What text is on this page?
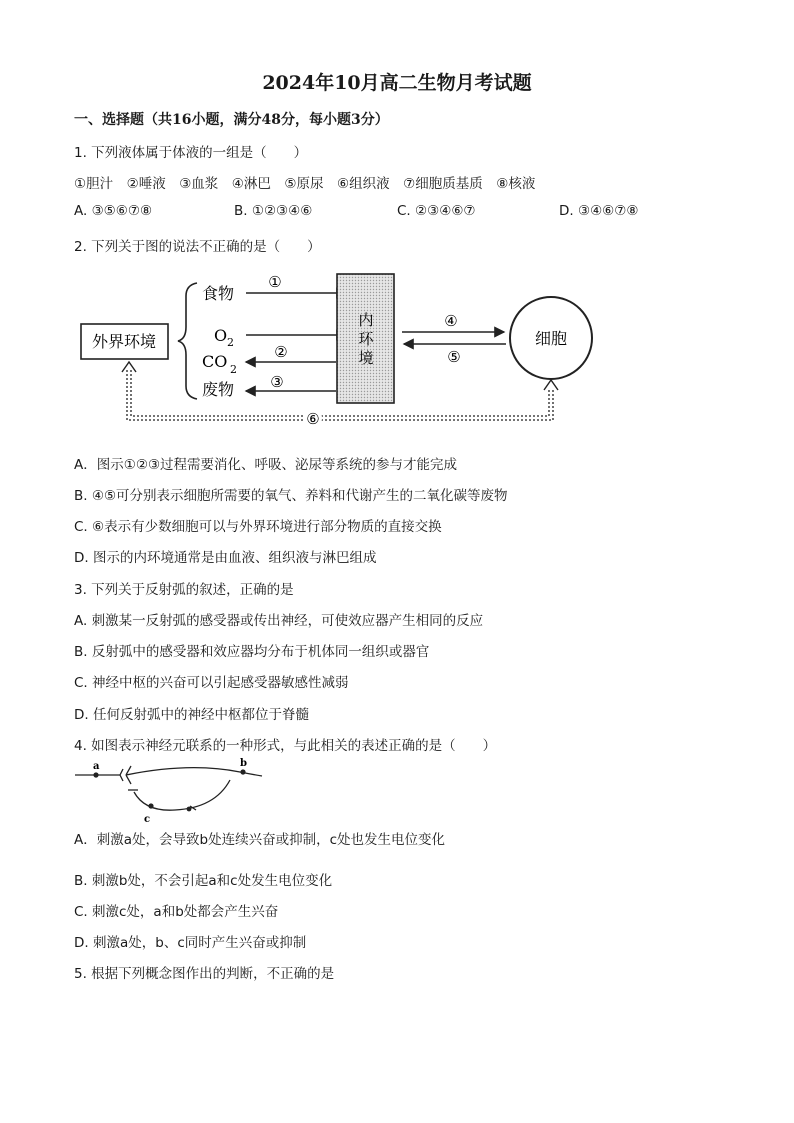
2024年10月高二生物月考试题
一、选择题（共16小题，满分48分，每小题3分）
1. 下列液体属于体液的一组是（　　）
①胆汁　②唾液　③血浆　④淋巴　⑤原尿　⑥组织液　⑦细胞质基质　⑧核液
A. ③⑤⑥⑦⑧	B. ①②③④⑥	C. ②③④⑥⑦	D. ③④⑥⑦⑧
2. 下列关于图的说法不正确的是（　　）
外界环境
食物
O 2
CO 2
废物
①
②
③
内
环
境
④
⑤
细胞
⑥
a	b
c
A．图示①②③过程需要消化、呼吸、泌尿等系统的参与才能完成
B. ④⑤可分别表示细胞所需要的氧气、养料和代谢产生的二氧化碳等废物
C. ⑥表示有少数细胞可以与外界环境进行部分物质的直接交换
D. 图示的内环境通常是由血液、组织液与淋巴组成
3. 下列关于反射弧的叙述，正确的是
A. 刺激某一反射弧的感受器或传出神经，可使效应器产生相同的反应
B. 反射弧中的感受器和效应器均分布于机体同一组织或器官
C. 神经中枢的兴奋可以引起感受器敏感性减弱
D. 任何反射弧中的神经中枢都位于脊髓
4. 如图表示神经元联系的一种形式，与此相关的表述正确的是（　　）
A．刺激a处，会导致b处连续兴奋或抑制，c处也发生电位变化
B. 刺激b处，不会引起a和c处发生电位变化
C. 刺激c处，a和b处都会产生兴奋
D. 刺激a处，b、c同时产生兴奋或抑制
5. 根据下列概念图作出的判断，不正确的是
